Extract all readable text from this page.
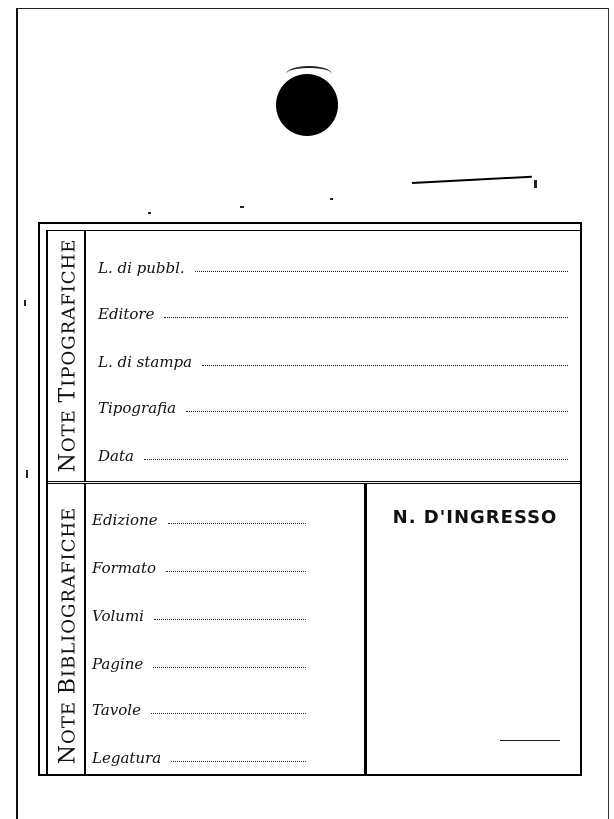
NOTE TIPOGRAFICHE L. di pubbl.
Editore
L. di stampa
Tipografia
Data
NOTE BIBLIOGRAFICHE Edizione
Formato
Volumi
Pagine
Tavole
Legatura
N. D'INGRESSO
